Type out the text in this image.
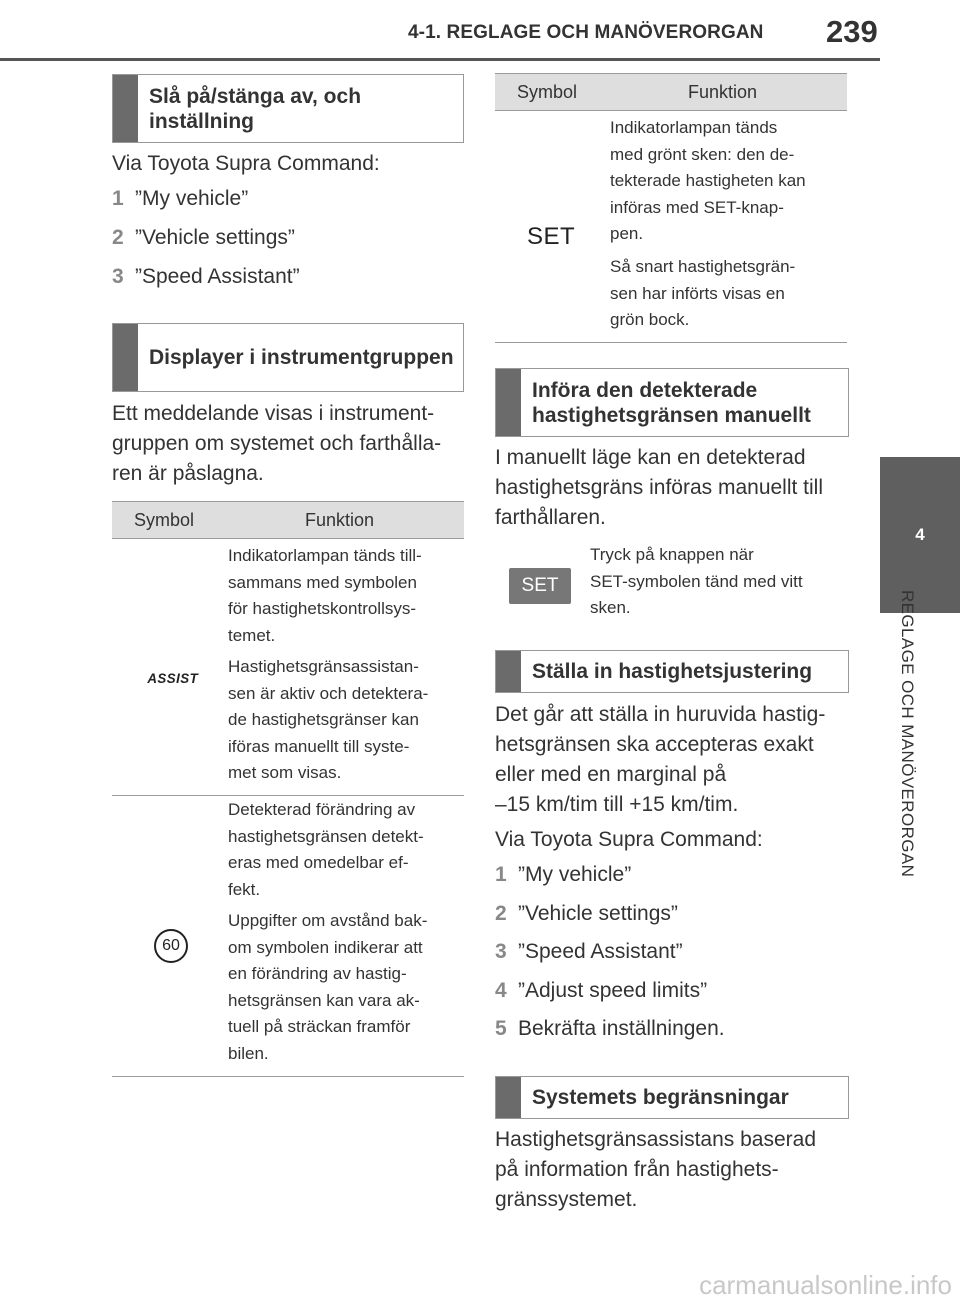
4-1. REGLAGE OCH MANÖVERORGAN 239
4
REGLAGE OCH MANÖVERORGAN
Slå på/stänga av, och inställning
Via Toyota Supra Command:
1 ”My vehicle”
2 ”Vehicle settings”
3 ”Speed Assistant”
Displayer i instrumentgruppen
Ett meddelande visas i instrument-
gruppen om systemet och farthålla-
ren är påslagna.
Symbol	Funktion
ASSIST
Indikatorlampan tänds till-
sammans med symbolen
för hastighetskontrollsys-
temet.
Hastighetsgränsassistan-
sen är aktiv och detektera-
de hastighetsgränser kan
iföras manuellt till syste-
met som visas.
60
Detekterad förändring av
hastighetsgränsen detekt-
eras med omedelbar ef-
fekt.
Uppgifter om avstånd bak-
om symbolen indikerar att
en förändring av hastig-
hetsgränsen kan vara ak-
tuell på sträckan framför
bilen.
Symbol	Funktion
SET
Indikatorlampan tänds
med grönt sken: den de-
tekterade hastigheten kan
införas med SET-knap-
pen.
Så snart hastighetsgrän-
sen har införts visas en
grön bock.
Införa den detekterade hastighetsgränsen manuellt
I manuellt läge kan en detekterad
hastighetsgräns införas manuellt till
farthållaren.
SET
Tryck på knappen när
SET-symbolen tänd med vitt
sken.
Ställa in hastighetsjustering
Det går att ställa in huruvida hastig-
hetsgränsen ska accepteras exakt
eller med en marginal på
–15 km/tim till +15 km/tim.
Via Toyota Supra Command:
1 ”My vehicle”
2 ”Vehicle settings”
3 ”Speed Assistant”
4 ”Adjust speed limits”
5 Bekräfta inställningen.
Systemets begränsningar
Hastighetsgränsassistans baserad
på information från hastighets-
gränssystemet.
carmanualsonline.info
